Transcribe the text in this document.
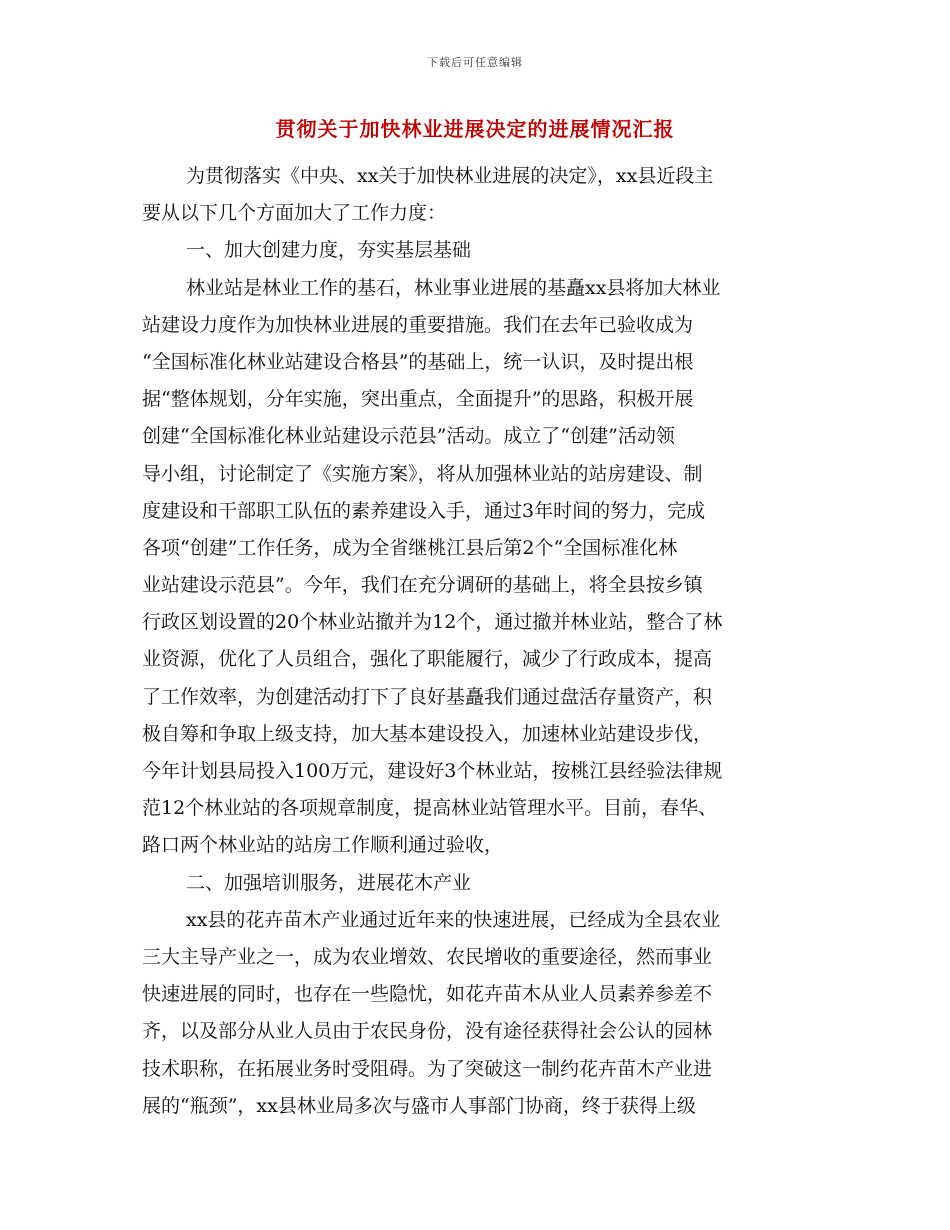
下载后可任意编辑
贯彻关于加快林业进展决定的进展情况汇报
为贯彻落实《中央、xx关于加快林业进展的决定》，xx县近段主
要从以下几个方面加大了工作力度：
一、加大创建力度，夯实基层基础
林业站是林业工作的基石，林业事业进展的基矗xx县将加大林业
站建设力度作为加快林业进展的重要措施。我们在去年已验收成为
“全国标准化林业站建设合格县”的基础上，统一认识，及时提出根
据“整体规划，分年实施，突出重点，全面提升”的思路，积极开展
创建“全国标准化林业站建设示范县”活动。成立了“创建”活动领
导小组，讨论制定了《实施方案》，将从加强林业站的站房建设、制
度建设和干部职工队伍的素养建设入手，通过3年时间的努力，完成
各项“创建”工作任务，成为全省继桃江县后第2个“全国标准化林
业站建设示范县”。今年，我们在充分调研的基础上，将全县按乡镇
行政区划设置的20个林业站撤并为12个，通过撤并林业站，整合了林
业资源，优化了人员组合，强化了职能履行，减少了行政成本，提高
了工作效率，为创建活动打下了良好基矗我们通过盘活存量资产，积
极自筹和争取上级支持，加大基本建设投入，加速林业站建设步伐，
今年计划县局投入100万元，建设好3个林业站，按桃江县经验法律规
范12个林业站的各项规章制度，提高林业站管理水平。目前，春华、
路口两个林业站的站房工作顺利通过验收，
二、加强培训服务，进展花木产业
xx县的花卉苗木产业通过近年来的快速进展，已经成为全县农业
三大主导产业之一，成为农业增效、农民增收的重要途径，然而事业
快速进展的同时，也存在一些隐忧，如花卉苗木从业人员素养参差不
齐，以及部分从业人员由于农民身份，没有途径获得社会公认的园林
技术职称，在拓展业务时受阻碍。为了突破这一制约花卉苗木产业进
展的“瓶颈”，xx县林业局多次与盛市人事部门协商，终于获得上级
